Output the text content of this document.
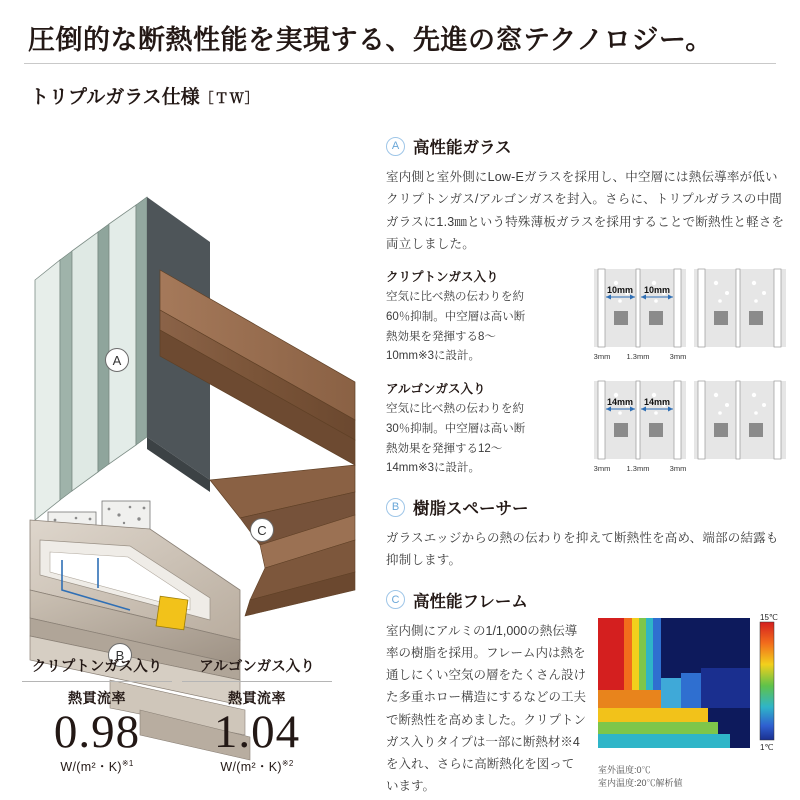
圧倒的な断熱性能を実現する、先進の窓テクノロジー。
トリプルガラス仕様［ＴＷ］
A
B
C
クリプトンガス入り
熱貫流率
0.98
W/(m²・K)$^{※1}$
アルゴンガス入り
熱貫流率
1.04
W/(m²・K)$^{※2}$
A 高性能ガラス
室内側と室外側にLow-Eガラスを採用し、中空層には熱伝導率が低いクリプトンガス/アルゴンガスを封入。さらに、トリプルガラスの中間ガラスに1.3㎜という特殊薄板ガラスを採用することで断熱性と軽さを両立しました。
クリプトンガス入り
空気に比べ熱の伝わりを約60％抑制。中空層は高い断熱効果を発揮する8〜10mm※3に設計。
10mm 10mm
3mm 1.3mm	3mm
アルゴンガス入り
空気に比べ熱の伝わりを約30％抑制。中空層は高い断熱効果を発揮する12〜14mm※3に設計。
14mm 14mm
3mm 1.3mm	3mm
B 樹脂スペーサー
ガラスエッジからの熱の伝わりを抑えて断熱性を高め、端部の結露も抑制します。
C 高性能フレーム
室内側にアルミの1/1,000の熱伝導率の樹脂を採用。フレーム内は熱を通しにくい空気の層をたくさん設けた多重ホロー構造にするなどの工夫で断熱性を高めました。クリプトンガス入りタイプは一部に断熱材※4を入れ、さらに高断熱化を図っています。
15℃
1℃
室外温度:0℃
室内温度:20℃解析値
